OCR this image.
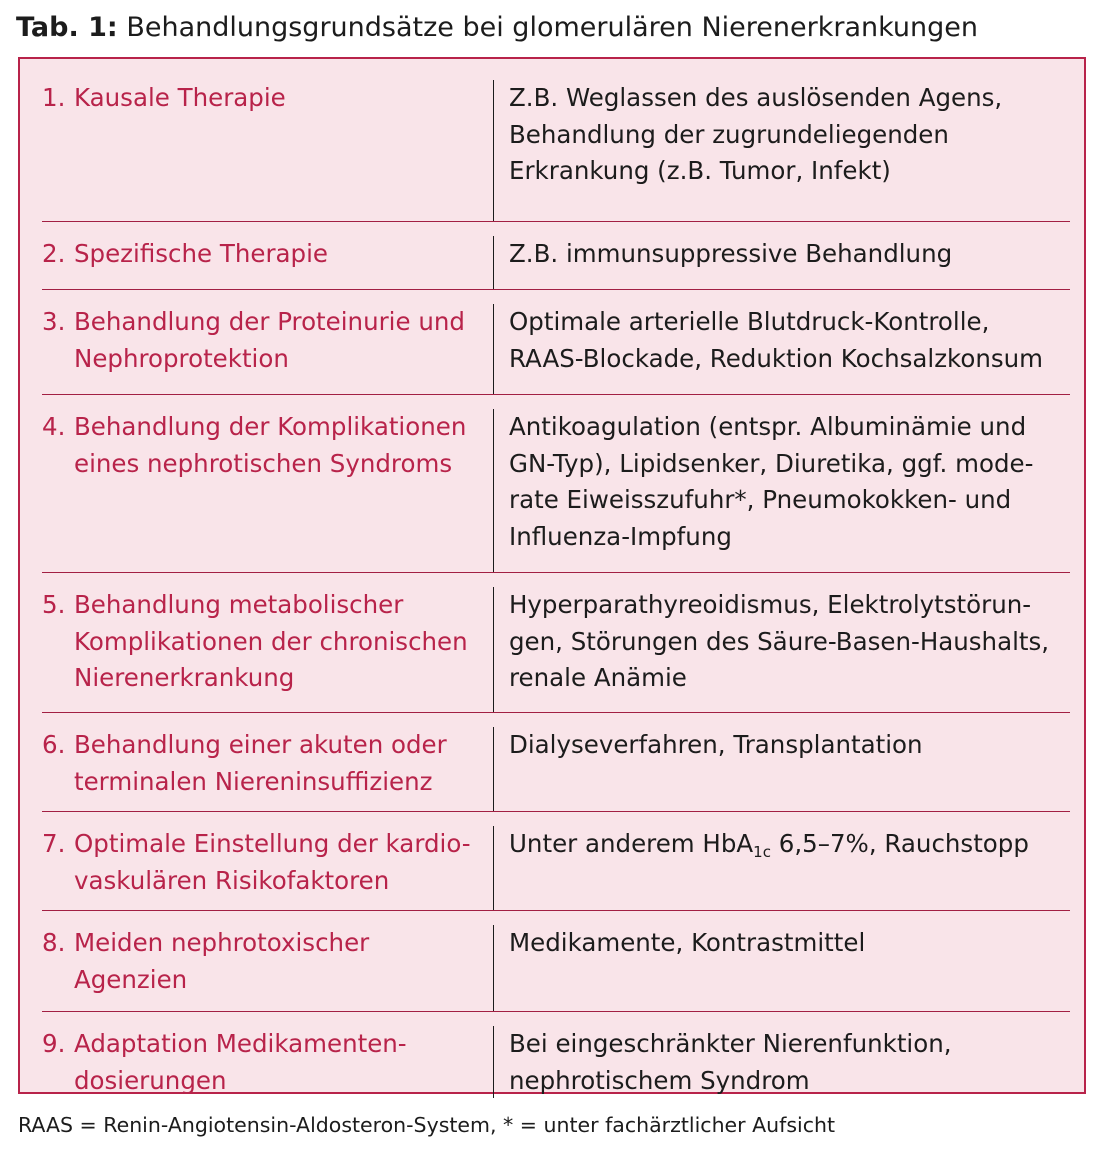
Tab. 1: Behandlungsgrundsätze bei glomerulären Nierenerkrankungen
1. Kausale Therapie	Z.B. Weglassen des auslösenden Agens,
Behandlung der zugrundeliegenden
Erkrankung (z.B. Tumor, Infekt)
2. Spezifische Therapie	Z.B. immunsuppressive Behandlung
3. Behandlung der Proteinurie und
Nephroprotektion
Optimale arterielle Blutdruck-Kontrolle,
RAAS-Blockade, Reduktion Kochsalzkonsum
4. Behandlung der Komplikationen
eines nephrotischen Syndroms
Antikoagulation (entspr. Albuminämie und
GN-Typ), Lipidsenker, Diuretika, ggf. mode-
rate Eiweisszufuhr*, Pneumokokken- und
Influenza-Impfung
5. Behandlung metabolischer
Komplikationen der chronischen
Nierenerkrankung
Hyperparathyreoidismus, Elektrolytstörun-
gen, Störungen des Säure-Basen-Haushalts,
renale Anämie
6. Behandlung einer akuten oder
terminalen Niereninsuffizienz
Dialyseverfahren, Transplantation
7. Optimale Einstellung der kardio-
vaskulären Risikofaktoren
Unter anderem HbA$_{1c}$ 6,5–7%, Rauchstopp
8. Meiden nephrotoxischer
Agenzien
Medikamente, Kontrastmittel
9. Adaptation Medikamenten-
dosierungen
Bei eingeschränkter Nierenfunktion,
nephrotischem Syndrom
RAAS = Renin-Angiotensin-Aldosteron-System, * = unter fachärztlicher Aufsicht
